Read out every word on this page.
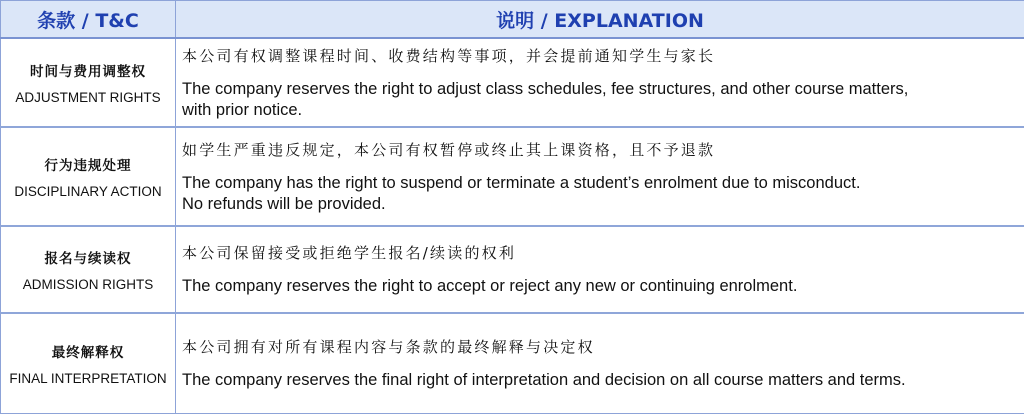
条款 / T&C	说明 / EXPLANATION

时间与费用调整权
ADJUSTMENT RIGHTS	本公司有权调整课程时间、收费结构等事项，并会提前通知学生与家长
The company reserves the right to adjust class schedules, fee structures, and other course matters,
with prior notice.

行为违规处理
DISCIPLINARY ACTION	如学生严重违反规定，本公司有权暂停或终止其上课资格，且不予退款
The company has the right to suspend or terminate a student’s enrolment due to misconduct.
No refunds will be provided.

报名与续读权
ADMISSION RIGHTS	本公司保留接受或拒绝学生报名/续读的权利
The company reserves the right to accept or reject any new or continuing enrolment.

最终解释权
FINAL INTERPRETATION	本公司拥有对所有课程内容与条款的最终解释与决定权
The company reserves the final right of interpretation and decision on all course matters and terms.
